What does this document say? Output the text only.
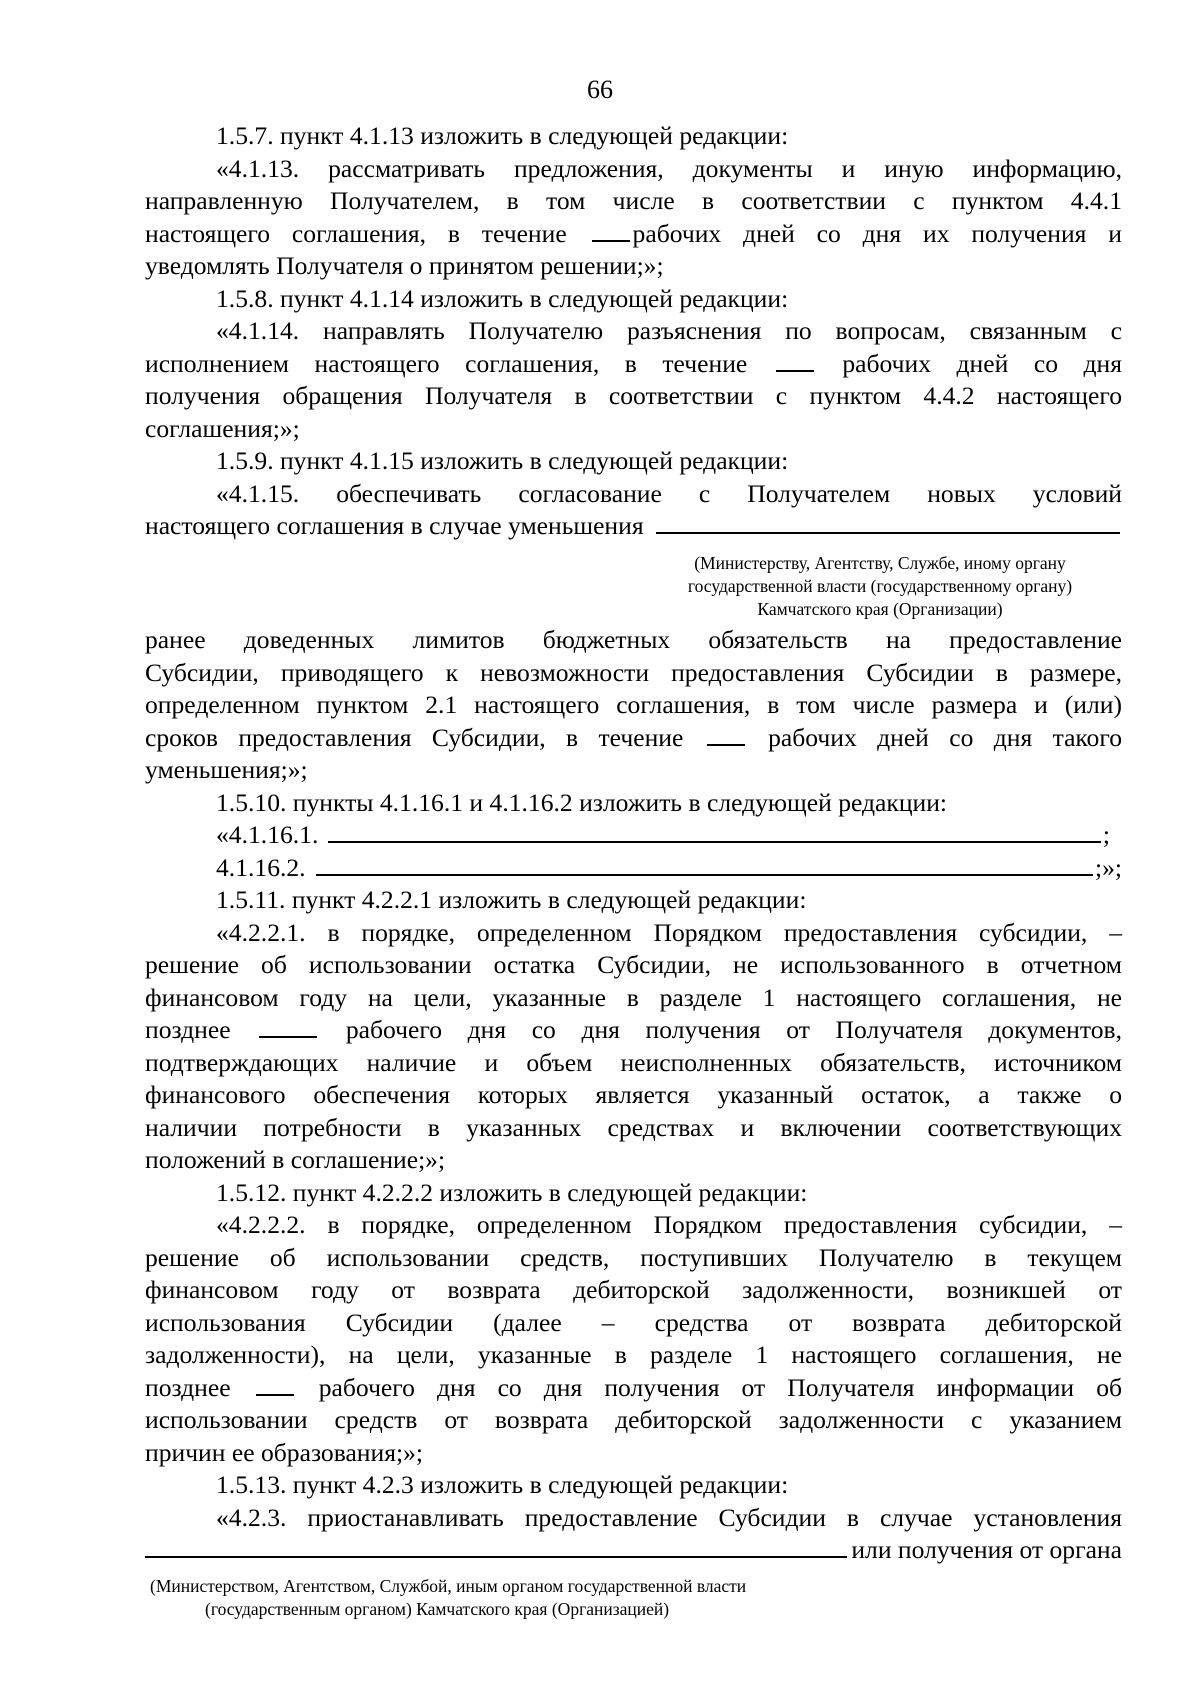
66
1.5.7. пункт 4.1.13 изложить в следующей редакции:
«4.1.13. рассматривать предложения, документы и иную информацию,
направленную Получателем, в том числе в соответствии с пунктом 4.4.1
настоящего соглашения, в течение	рабочих дней со дня их получения и
уведомлять Получателя о принятом решении;»;
1.5.8. пункт 4.1.14 изложить в следующей редакции:
«4.1.14. направлять Получателю разъяснения по вопросам, связанным с
исполнением настоящего соглашения, в течение	рабочих дней со дня
получения обращения Получателя в соответствии с пунктом 4.4.2 настоящего
соглашения;»;
1.5.9. пункт 4.1.15 изложить в следующей редакции:
«4.1.15. обеспечивать согласование с Получателем новых условий
настоящего соглашения в случае уменьшения
(Министерству, Агентству, Службе, иному органу
государственной власти (государственному органу)
Камчатского края (Организации)
ранее доведенных лимитов бюджетных обязательств на предоставление
Субсидии, приводящего к невозможности предоставления Субсидии в размере,
определенном пунктом 2.1 настоящего соглашения, в том числе размера и (или)
сроков предоставления Субсидии, в течение	рабочих дней со дня такого
уменьшения;»;
1.5.10. пункты 4.1.16.1 и 4.1.16.2 изложить в следующей редакции:
«4.1.16.1.	;
4.1.16.2.	;»;
1.5.11. пункт 4.2.2.1 изложить в следующей редакции:
«4.2.2.1. в порядке, определенном Порядком предоставления субсидии, –
решение об использовании остатка Субсидии, не использованного в отчетном
финансовом году на цели, указанные в разделе 1 настоящего соглашения, не
позднее	рабочего дня со дня получения от Получателя документов,
подтверждающих наличие и объем неисполненных обязательств, источником
финансового обеспечения которых является указанный остаток, а также о
наличии потребности в указанных средствах и включении соответствующих
положений в соглашение;»;
1.5.12. пункт 4.2.2.2 изложить в следующей редакции:
«4.2.2.2. в порядке, определенном Порядком предоставления субсидии, –
решение об использовании средств, поступивших Получателю в текущем
финансовом году от возврата дебиторской задолженности, возникшей от
использования Субсидии (далее – средства от возврата дебиторской
задолженности), на цели, указанные в разделе 1 настоящего соглашения, не
позднее	рабочего дня со дня получения от Получателя информации об
использовании средств от возврата дебиторской задолженности с указанием
причин ее образования;»;
1.5.13. пункт 4.2.3 изложить в следующей редакции:
«4.2.3. приостанавливать предоставление Субсидии в случае установления
или получения от органа
(Министерством, Агентством, Службой, иным органом государственной власти
(государственным органом) Камчатского края (Организацией)
